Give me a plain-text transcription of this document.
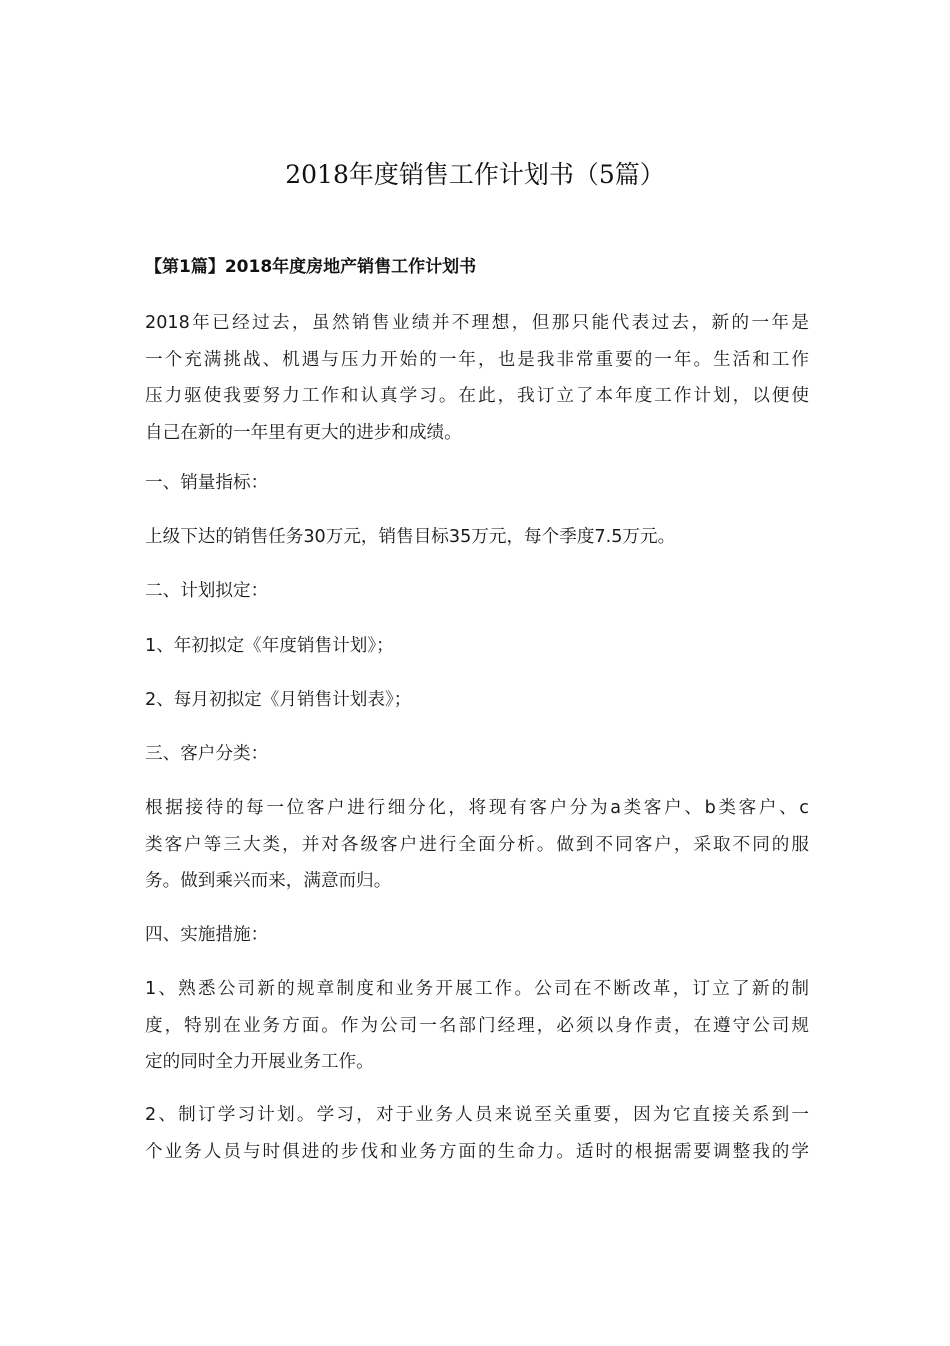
2018年度销售工作计划书（5篇）
【第1篇】2018年度房地产销售工作计划书

2018年已经过去，虽然销售业绩并不理想，但那只能代表过去，新的一年是
一个充满挑战、机遇与压力开始的一年，也是我非常重要的一年。生活和工作
压力驱使我要努力工作和认真学习。在此，我订立了本年度工作计划，以便使
自己在新的一年里有更大的进步和成绩。

一、销量指标：

上级下达的销售任务30万元，销售目标35万元，每个季度7.5万元。

二、计划拟定：

1、年初拟定《年度销售计划》；

2、每月初拟定《月销售计划表》；

三、客户分类：

根据接待的每一位客户进行细分化，将现有客户分为a类客户、b类客户、c
类客户等三大类，并对各级客户进行全面分析。做到不同客户，采取不同的服
务。做到乘兴而来，满意而归。

四、实施措施：

1、熟悉公司新的规章制度和业务开展工作。公司在不断改革，订立了新的制
度，特别在业务方面。作为公司一名部门经理，必须以身作责，在遵守公司规
定的同时全力开展业务工作。

2、制订学习计划。学习，对于业务人员来说至关重要，因为它直接关系到一
个业务人员与时俱进的步伐和业务方面的生命力。适时的根据需要调整我的学
